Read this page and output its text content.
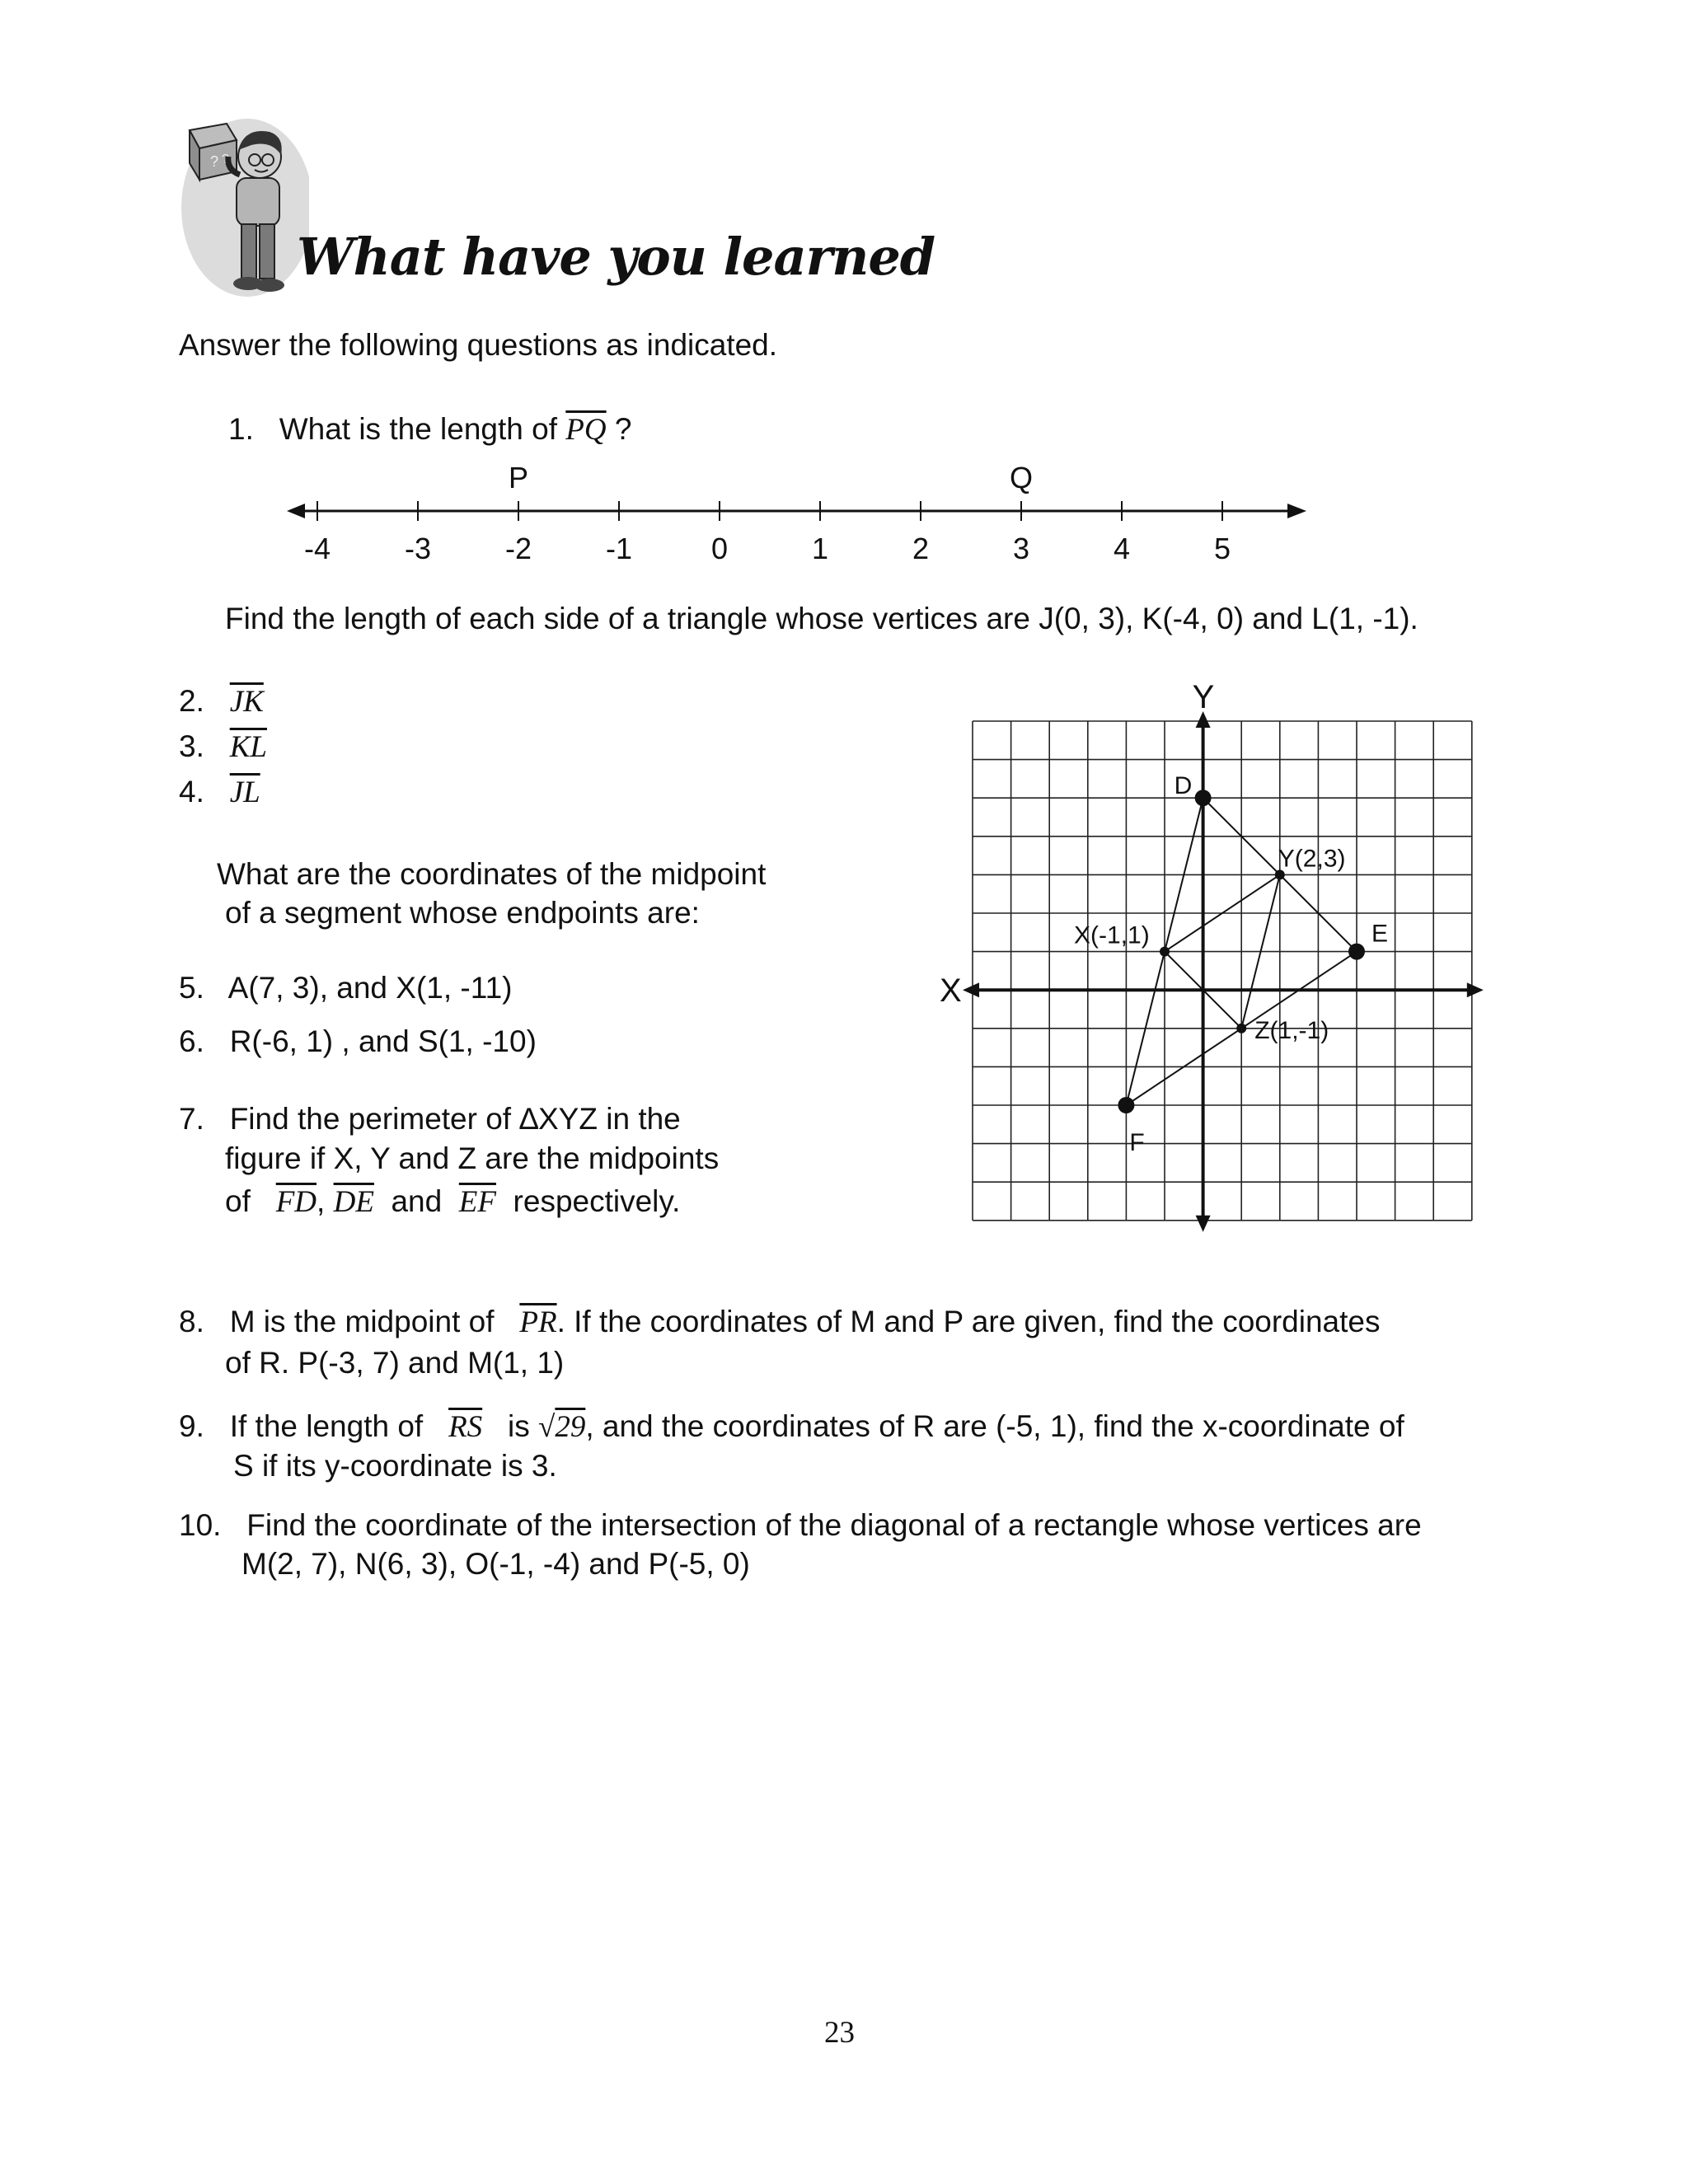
? ?
What have you learned
Answer the following questions as indicated.
1. What is the length of $\overline{PQ}$ ?
-4 -3 -2 -1	0	1	2	3	4	5
P	Q
Find the length of each side of a triangle whose vertices are J(0, 3), K(-4, 0) and L(1, -1).
2. $\overline{JK}$
3. $\overline{KL}$
4. $\overline{JL}$
What are the coordinates of the midpoint
of a segment whose endpoints are:
5. A(7, 3), and X(1, -11)
6. R(-6, 1) , and S(1, -10)
7. Find the perimeter of ∆XYZ in the
figure if X, Y and Z are the midpoints
of $\overline{FD}$, $\overline{DE}$ and $\overline{EF}$ respectively.
X
Y
D
E
F
X(-1,1)
Y(2,3)
Z(1,-1)
8. M is the midpoint of $\overline{PR}$. If the coordinates of M and P are given, find the coordinates
of R. P(-3, 7) and M(1, 1)
9. If the length of $\overline{RS}$ is √29, and the coordinates of R are (-5, 1), find the x-coordinate of
S if its y-coordinate is 3.
10. Find the coordinate of the intersection of the diagonal of a rectangle whose vertices are
M(2, 7), N(6, 3), O(-1, -4) and P(-5, 0)
23
